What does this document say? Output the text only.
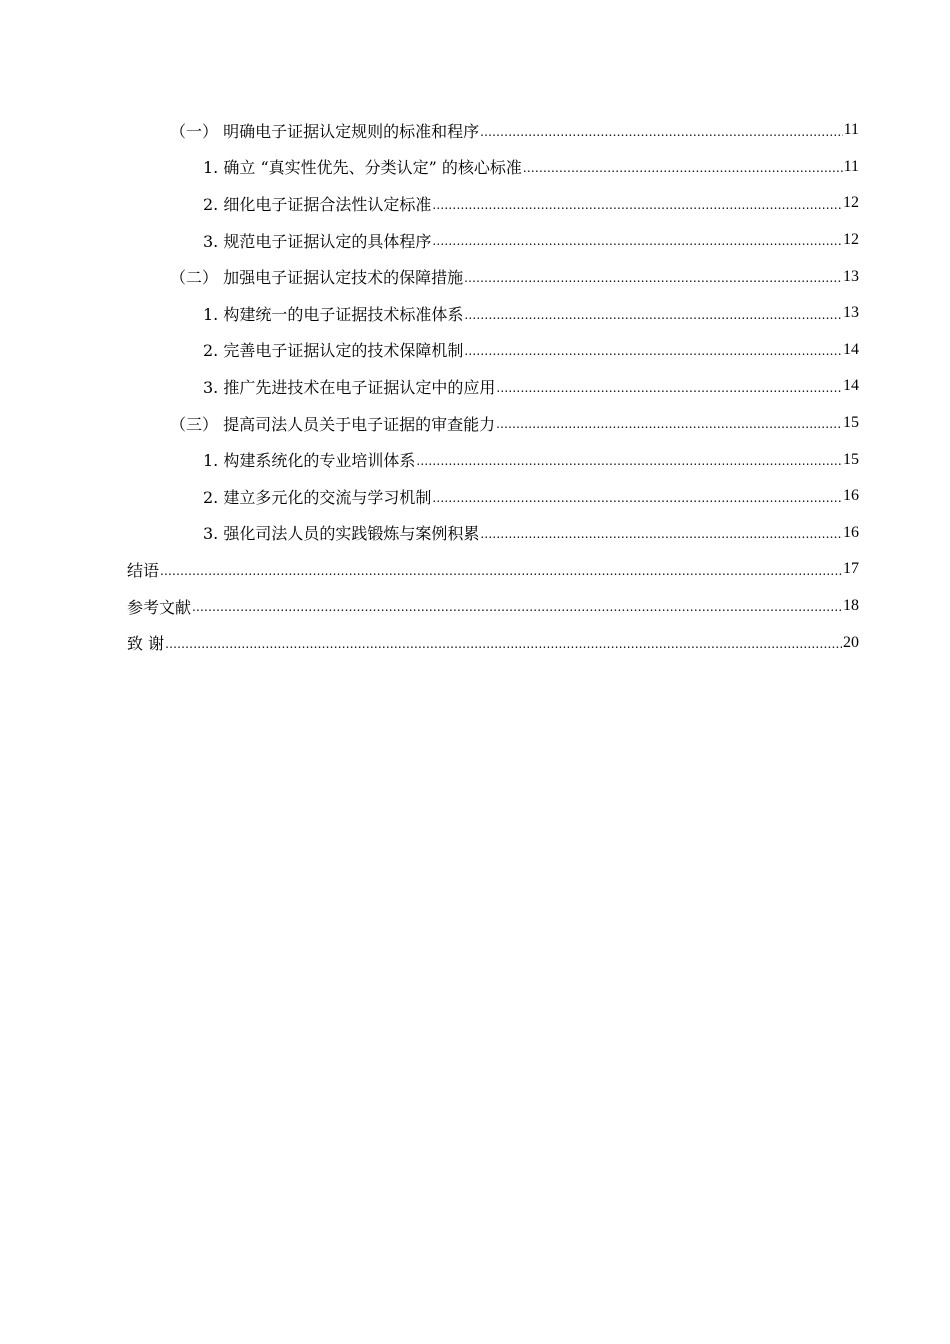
（一） 明确电子证据认定规则的标准和程序 .....	11
1. 确立 “真实性优先、分类认定” 的核心标准 .....	11
2. 细化电子证据合法性认定标准 .....	12
3. 规范电子证据认定的具体程序 .....	12
（二） 加强电子证据认定技术的保障措施 .....	13
1. 构建统一的电子证据技术标准体系 .....	13
2. 完善电子证据认定的技术保障机制 .....	14
3. 推广先进技术在电子证据认定中的应用 .....	14
（三） 提高司法人员关于电子证据的审查能力 .....	15
1. 构建系统化的专业培训体系 .....	15
2. 建立多元化的交流与学习机制 .....	16
3. 强化司法人员的实践锻炼与案例积累 .....	16
结语 .....	17
参考文献 .....	18
致 谢 .....	20
